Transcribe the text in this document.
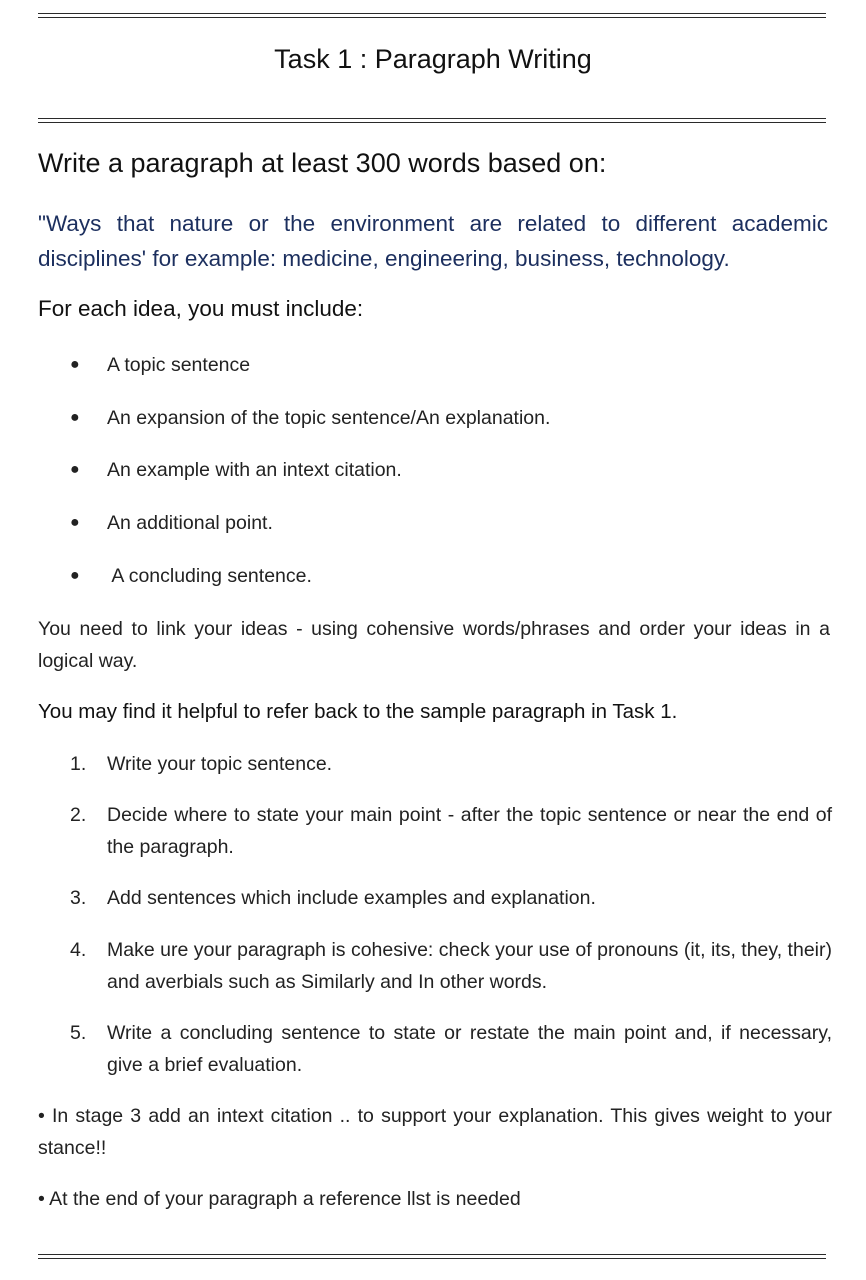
Task 1 : Paragraph Writing
Write a paragraph at least 300 words based on:
"Ways that nature or the environment are related to different academic disciplines' for example: medicine, engineering, business, technology.
For each idea, you must include:
● A topic sentence
● An expansion of the topic sentence/An explanation.
● An example with an intext citation.
● An additional point.
● A concluding sentence.
You need to link your ideas - using cohensive words/phrases and order your ideas in a logical way.
You may find it helpful to refer back to the sample paragraph in Task 1.
1.	Write your topic sentence.
2.	Decide where to state your main point - after the topic sentence or near the end of the paragraph.
3.	Add sentences which include examples and explanation.
4.	Make ure your paragraph is cohesive: check your use of pronouns (it, its, they, their) and averbials such as Similarly and In other words.
5.	Write a concluding sentence to state or restate the main point and, if necessary, give a brief evaluation.
• In stage 3 add an intext citation .. to support your explanation. This gives weight to your stance!!
• At the end of your paragraph a reference llst is needed
